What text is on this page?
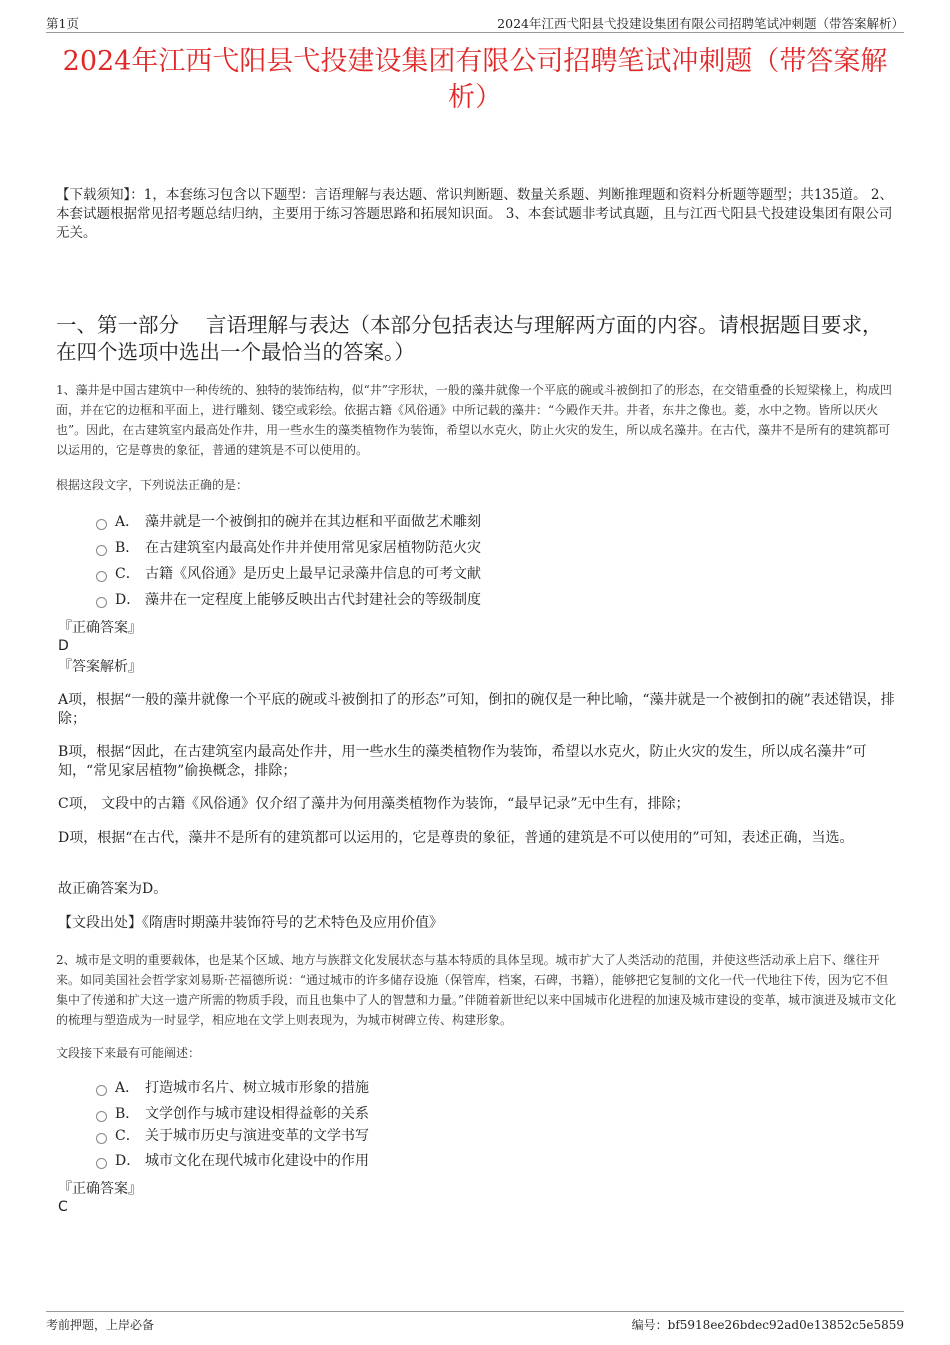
第1页	2024年江西弋阳县弋投建设集团有限公司招聘笔试冲刺题（带答案解析）
2024年江西弋阳县弋投建设集团有限公司招聘笔试冲刺题（带答案解析）
【下载须知】：1，本套练习包含以下题型：言语理解与表达题、常识判断题、数量关系题、判断推理题和资料分析题等题型；共135道。 2、本套试题根据常见招考题总结归纳，主要用于练习答题思路和拓展知识面。 3、本套试题非考试真题，且与江西弋阳县弋投建设集团有限公司无关。
一、第一部分　 言语理解与表达（本部分包括表达与理解两方面的内容。请根据题目要求，在四个选项中选出一个最恰当的答案。）
1、藻井是中国古建筑中一种传统的、独特的装饰结构，似“井”字形状，一般的藻井就像一个平底的碗或斗被倒扣了的形态，在交错重叠的长短梁椽上，构成凹面，并在它的边框和平面上，进行雕刻、镂空或彩绘。依据古籍《风俗通》中所记载的藻井：“今殿作天井。井者，东井之像也。菱，水中之物。皆所以厌火也”。因此，在古建筑室内最高处作井，用一些水生的藻类植物作为装饰，希望以水克火，防止火灾的发生，所以成名藻井。在古代，藻井不是所有的建筑都可以运用的，它是尊贵的象征，普通的建筑是不可以使用的。
根据这段文字，下列说法正确的是：
A． 藻井就是一个被倒扣的碗并在其边框和平面做艺术雕刻
B． 在古建筑室内最高处作井并使用常见家居植物防范火灾
C． 古籍《风俗通》是历史上最早记录藻井信息的可考文献
D． 藻井在一定程度上能够反映出古代封建社会的等级制度
『正确答案』
D
『答案解析』
A项，根据“一般的藻井就像一个平底的碗或斗被倒扣了的形态”可知，倒扣的碗仅是一种比喻，“藻井就是一个被倒扣的碗”表述错误，排除；
B项，根据“因此，在古建筑室内最高处作井，用一些水生的藻类植物作为装饰，希望以水克火，防止火灾的发生，所以成名藻井”可知，“常见家居植物”偷换概念，排除；
C项， 文段中的古籍《风俗通》仅介绍了藻井为何用藻类植物作为装饰，“最早记录”无中生有，排除；
D项，根据“在古代，藻井不是所有的建筑都可以运用的，它是尊贵的象征，普通的建筑是不可以使用的”可知，表述正确，当选。
故正确答案为D。
【文段出处】《隋唐时期藻井装饰符号的艺术特色及应用价值》
2、城市是文明的重要载体，也是某个区域、地方与族群文化发展状态与基本特质的具体呈现。城市扩大了人类活动的范围，并使这些活动承上启下、继往开来。如同美国社会哲学家刘易斯·芒福德所说：“通过城市的许多储存设施（保管库，档案，石碑，书籍），能够把它复制的文化一代一代地往下传，因为它不但集中了传递和扩大这一遗产所需的物质手段，而且也集中了人的智慧和力量。”伴随着新世纪以来中国城市化进程的加速及城市建设的变革，城市演进及城市文化的梳理与塑造成为一时显学，相应地在文学上则表现为，为城市树碑立传、构建形象。
文段接下来最有可能阐述：
A． 打造城市名片、树立城市形象的措施
B． 文学创作与城市建设相得益彰的关系
C． 关于城市历史与演进变革的文学书写
D． 城市文化在现代城市化建设中的作用
『正确答案』
C
考前押题，上岸必备	编号：bf5918ee26bdec92ad0e13852c5e5859
